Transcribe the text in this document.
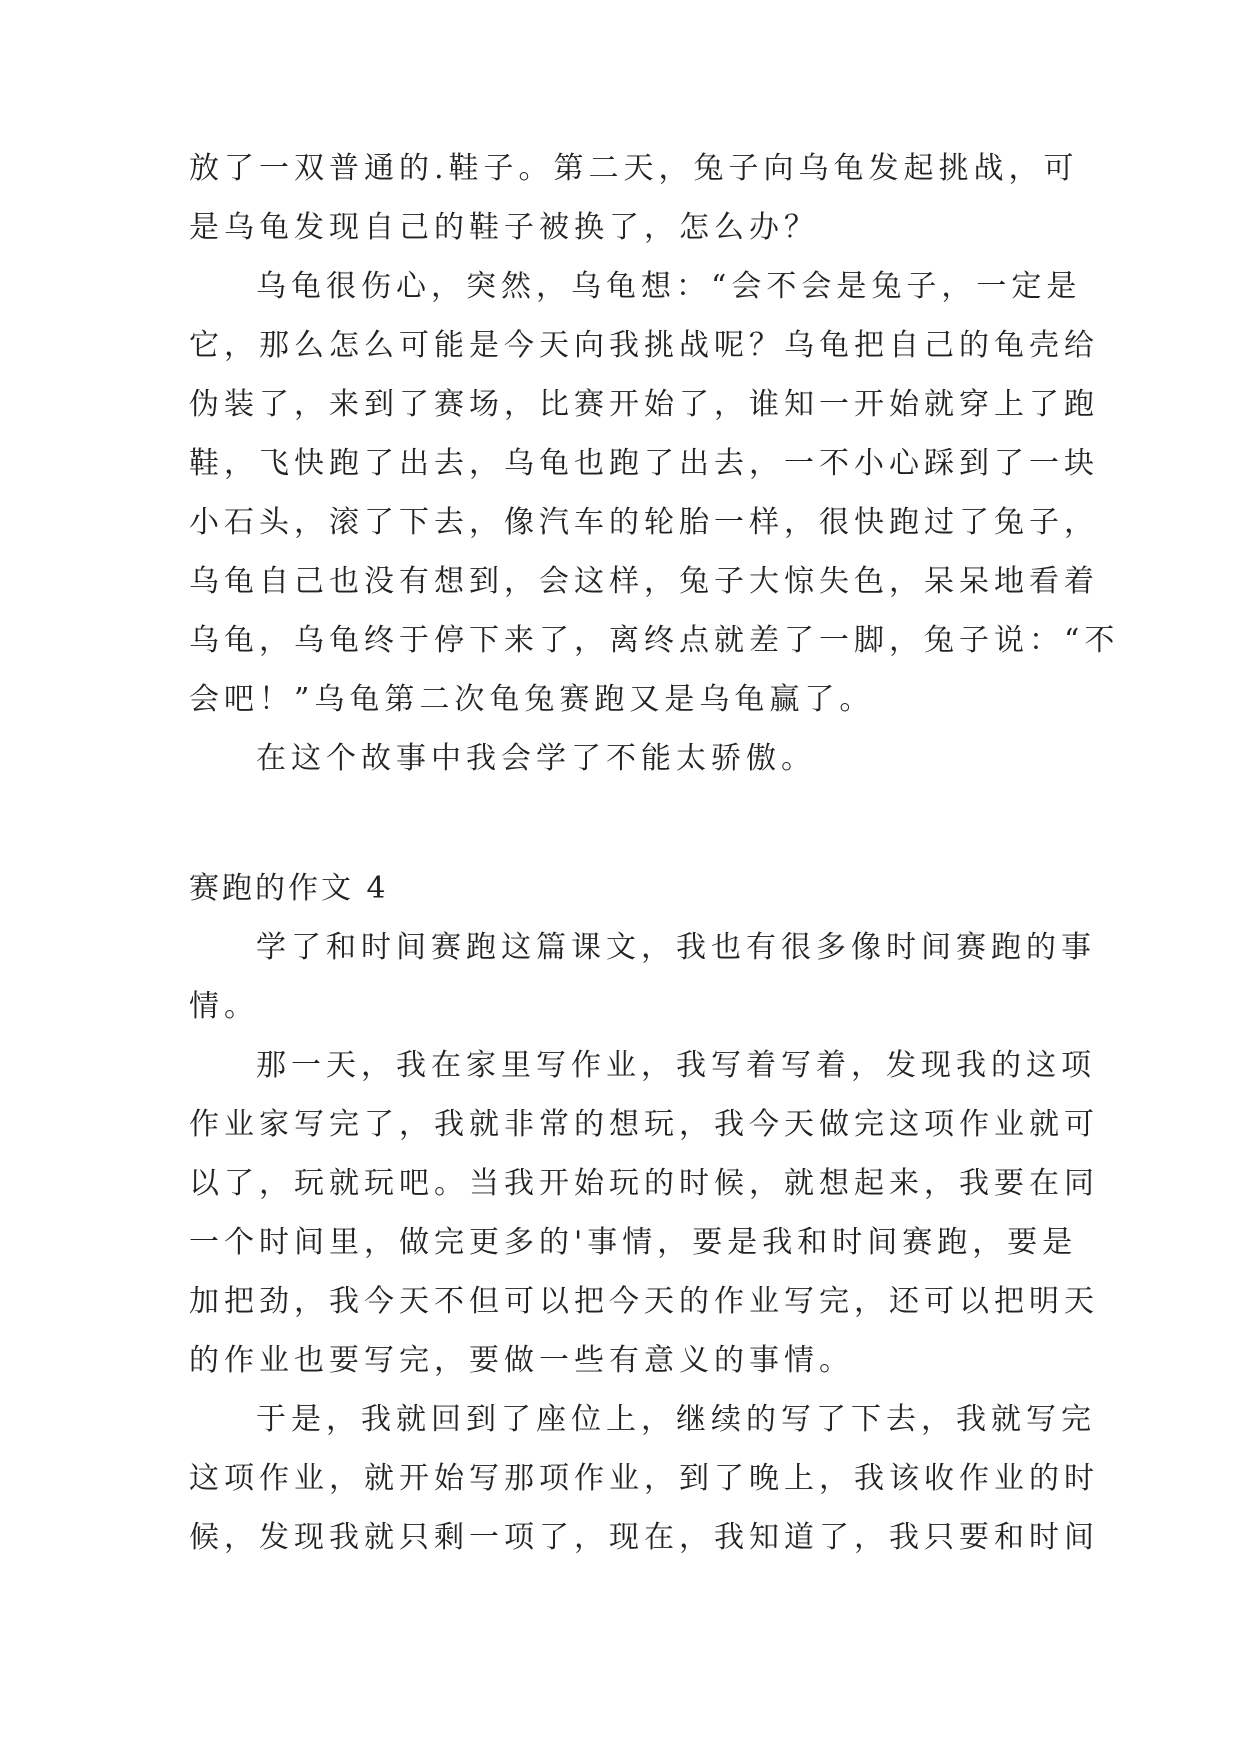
放了一双普通的.鞋子。第二天，兔子向乌龟发起挑战，可
是乌龟发现自己的鞋子被换了，怎么办？
乌龟很伤心，突然，乌龟想：“会不会是兔子，一定是
它，那么怎么可能是今天向我挑战呢？乌龟把自己的龟壳给
伪装了，来到了赛场，比赛开始了，谁知一开始就穿上了跑
鞋，飞快跑了出去，乌龟也跑了出去，一不小心踩到了一块
小石头，滚了下去，像汽车的轮胎一样，很快跑过了兔子，
乌龟自己也没有想到，会这样，兔子大惊失色，呆呆地看着
乌龟，乌龟终于停下来了，离终点就差了一脚，兔子说：“不
会吧！”乌龟第二次龟兔赛跑又是乌龟赢了。
在这个故事中我会学了不能太骄傲。
赛跑的作文 4
学了和时间赛跑这篇课文，我也有很多像时间赛跑的事
情。
那一天，我在家里写作业，我写着写着，发现我的这项
作业家写完了，我就非常的想玩，我今天做完这项作业就可
以了，玩就玩吧。当我开始玩的时候，就想起来，我要在同
一个时间里，做完更多的'事情，要是我和时间赛跑，要是
加把劲，我今天不但可以把今天的作业写完，还可以把明天
的作业也要写完，要做一些有意义的事情。
于是，我就回到了座位上，继续的写了下去，我就写完
这项作业，就开始写那项作业，到了晚上，我该收作业的时
候，发现我就只剩一项了，现在，我知道了，我只要和时间
